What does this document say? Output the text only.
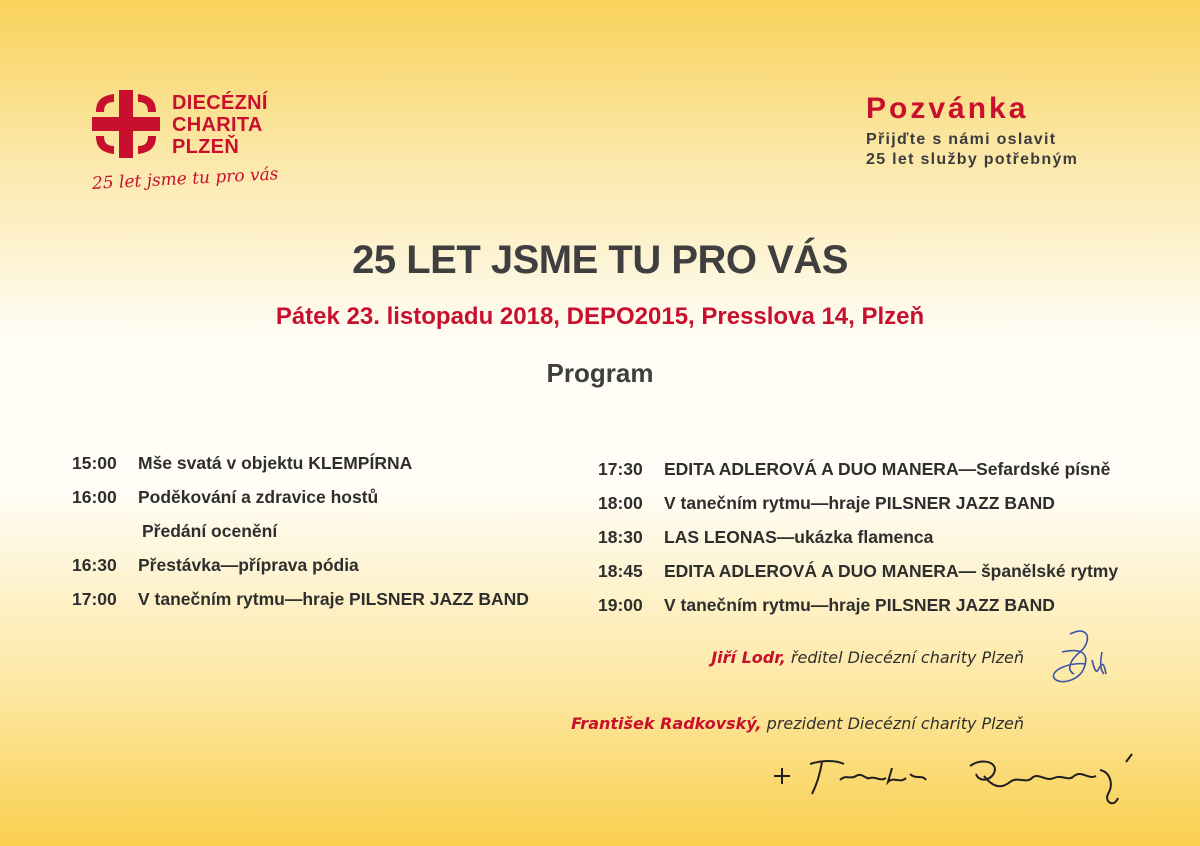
DIECÉZNÍ
CHARITA
PLZEŇ
25 let jsme tu pro vás
Pozvánka
Přijďte s námi oslavit
25 let služby potřebným
25 LET JSME TU PRO VÁS
Pátek 23. listopadu 2018, DEPO2015, Presslova 14, Plzeň
Program
15:00	Mše svatá v objektu KLEMPÍRNA
16:00	Poděkování a zdravice hostů
Předání ocenění
16:30	Přestávka—příprava pódia
17:00	V tanečním rytmu—hraje PILSNER JAZZ BAND
17:30	EDITA ADLEROVÁ A DUO MANERA—Sefardské písně
18:00	V tanečním rytmu—hraje PILSNER JAZZ BAND
18:30	LAS LEONAS—ukázka flamenca
18:45	EDITA ADLEROVÁ A DUO MANERA— španělské rytmy
19:00	V tanečním rytmu—hraje PILSNER JAZZ BAND
Jiří Lodr, ředitel Diecézní charity Plzeň
František Radkovský, prezident Diecézní charity Plzeň
